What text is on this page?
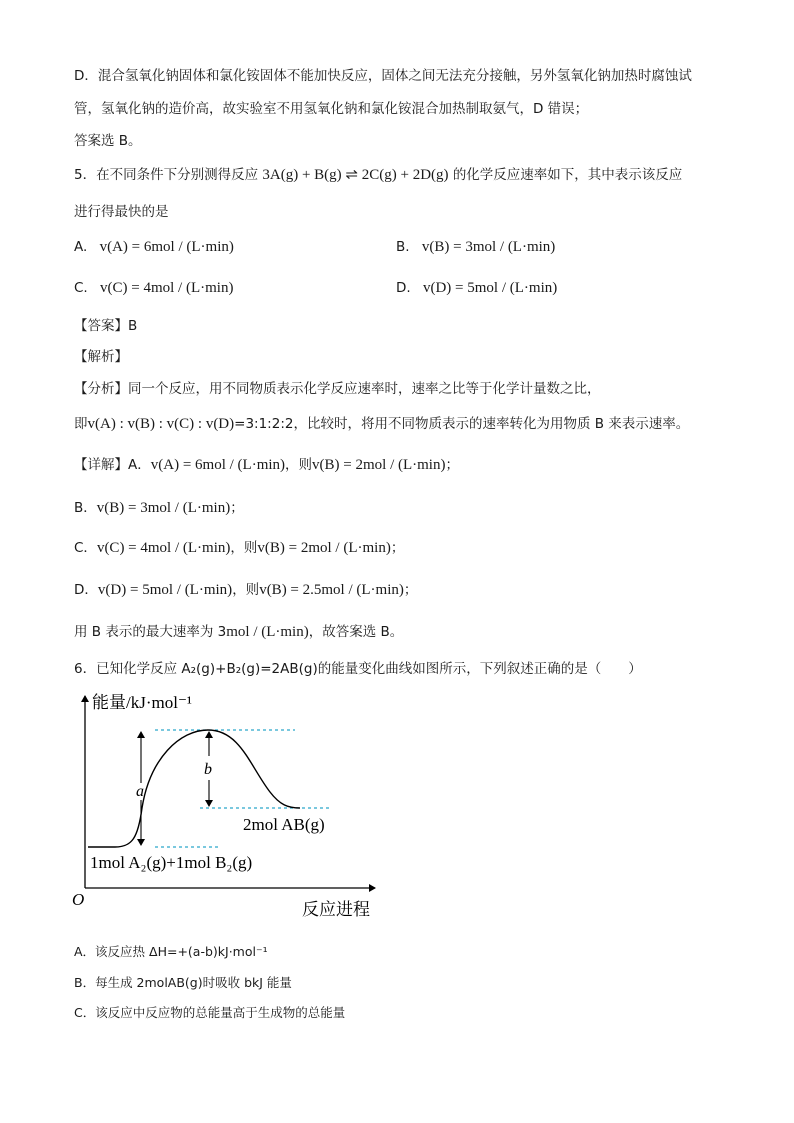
D．混合氢氧化钠固体和氯化铵固体不能加快反应，固体之间无法充分接触，另外氢氧化钠加热时腐蚀试
管，氢氧化钠的造价高，故实验室不用氢氧化钠和氯化铵混合加热制取氨气，D 错误；
答案选 B。
5．在不同条件下分别测得反应 3A(g) + B(g) ⇌ 2C(g) + 2D(g) 的化学反应速率如下，其中表示该反应
进行得最快的是
A. v(A) = 6mol / (L·min)	B. v(B) = 3mol / (L·min)
C. v(C) = 4mol / (L·min)	D. v(D) = 5mol / (L·min)
【答案】B
【解析】
【分析】同一个反应，用不同物质表示化学反应速率时，速率之比等于化学计量数之比，
即v(A) : v(B) : v(C) : v(D)=3:1:2:2，比较时，将用不同物质表示的速率转化为用物质 B 来表示速率。
【详解】A．v(A) = 6mol / (L·min)，则v(B) = 2mol / (L·min)；
B．v(B) = 3mol / (L·min)；
C．v(C) = 4mol / (L·min)，则v(B) = 2mol / (L·min)；
D．v(D) = 5mol / (L·min)，则v(B) = 2.5mol / (L·min)；
用 B 表示的最大速率为 3mol / (L·min)，故答案选 B。
6．已知化学反应 A₂(g)+B₂(g)=2AB(g)的能量变化曲线如图所示，下列叙述正确的是（　　）
能量/kJ·mol⁻¹
反应进程
O
a
b
2mol AB(g)
1mol A₂(g)+1mol B₂(g)
A．该反应热 ΔH=+(a-b)kJ·mol⁻¹
B．每生成 2molAB(g)时吸收 bkJ 能量
C．该反应中反应物的总能量高于生成物的总能量
